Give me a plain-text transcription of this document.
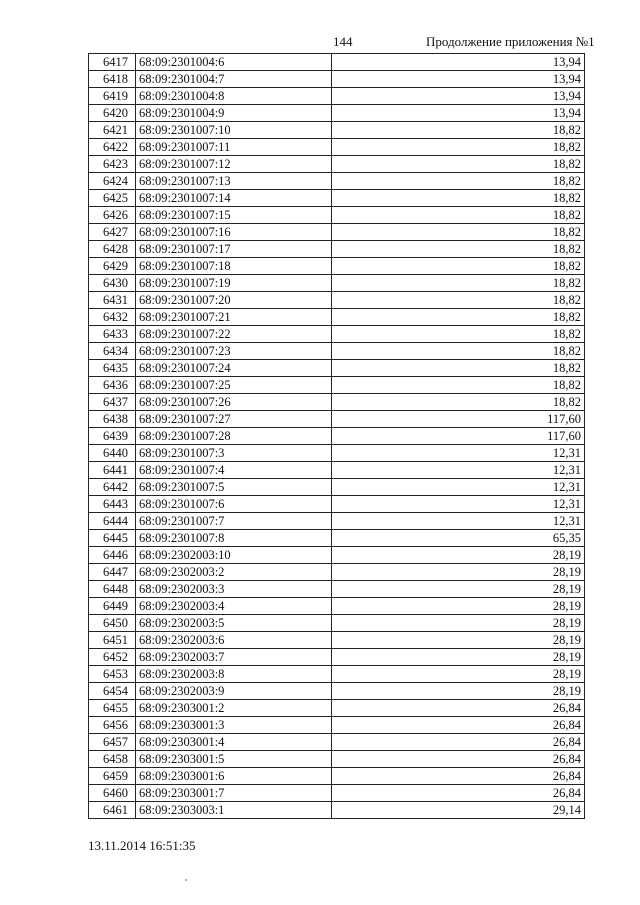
144	Продолжение приложения №1
6417	68:09:2301004:6	13,94
6418	68:09:2301004:7	13,94
6419	68:09:2301004:8	13,94
6420	68:09:2301004:9	13,94
6421	68:09:2301007:10	18,82
6422	68:09:2301007:11	18,82
6423	68:09:2301007:12	18,82
6424	68:09:2301007:13	18,82
6425	68:09:2301007:14	18,82
6426	68:09:2301007:15	18,82
6427	68:09:2301007:16	18,82
6428	68:09:2301007:17	18,82
6429	68:09:2301007:18	18,82
6430	68:09:2301007:19	18,82
6431	68:09:2301007:20	18,82
6432	68:09:2301007:21	18,82
6433	68:09:2301007:22	18,82
6434	68:09:2301007:23	18,82
6435	68:09:2301007:24	18,82
6436	68:09:2301007:25	18,82
6437	68:09:2301007:26	18,82
6438	68:09:2301007:27	117,60
6439	68:09:2301007:28	117,60
6440	68:09:2301007:3	12,31
6441	68:09:2301007:4	12,31
6442	68:09:2301007:5	12,31
6443	68:09:2301007:6	12,31
6444	68:09:2301007:7	12,31
6445	68:09:2301007:8	65,35
6446	68:09:2302003:10	28,19
6447	68:09:2302003:2	28,19
6448	68:09:2302003:3	28,19
6449	68:09:2302003:4	28,19
6450	68:09:2302003:5	28,19
6451	68:09:2302003:6	28,19
6452	68:09:2302003:7	28,19
6453	68:09:2302003:8	28,19
6454	68:09:2302003:9	28,19
6455	68:09:2303001:2	26,84
6456	68:09:2303001:3	26,84
6457	68:09:2303001:4	26,84
6458	68:09:2303001:5	26,84
6459	68:09:2303001:6	26,84
6460	68:09:2303001:7	26,84
6461	68:09:2303003:1	29,14
13.11.2014 16:51:35
